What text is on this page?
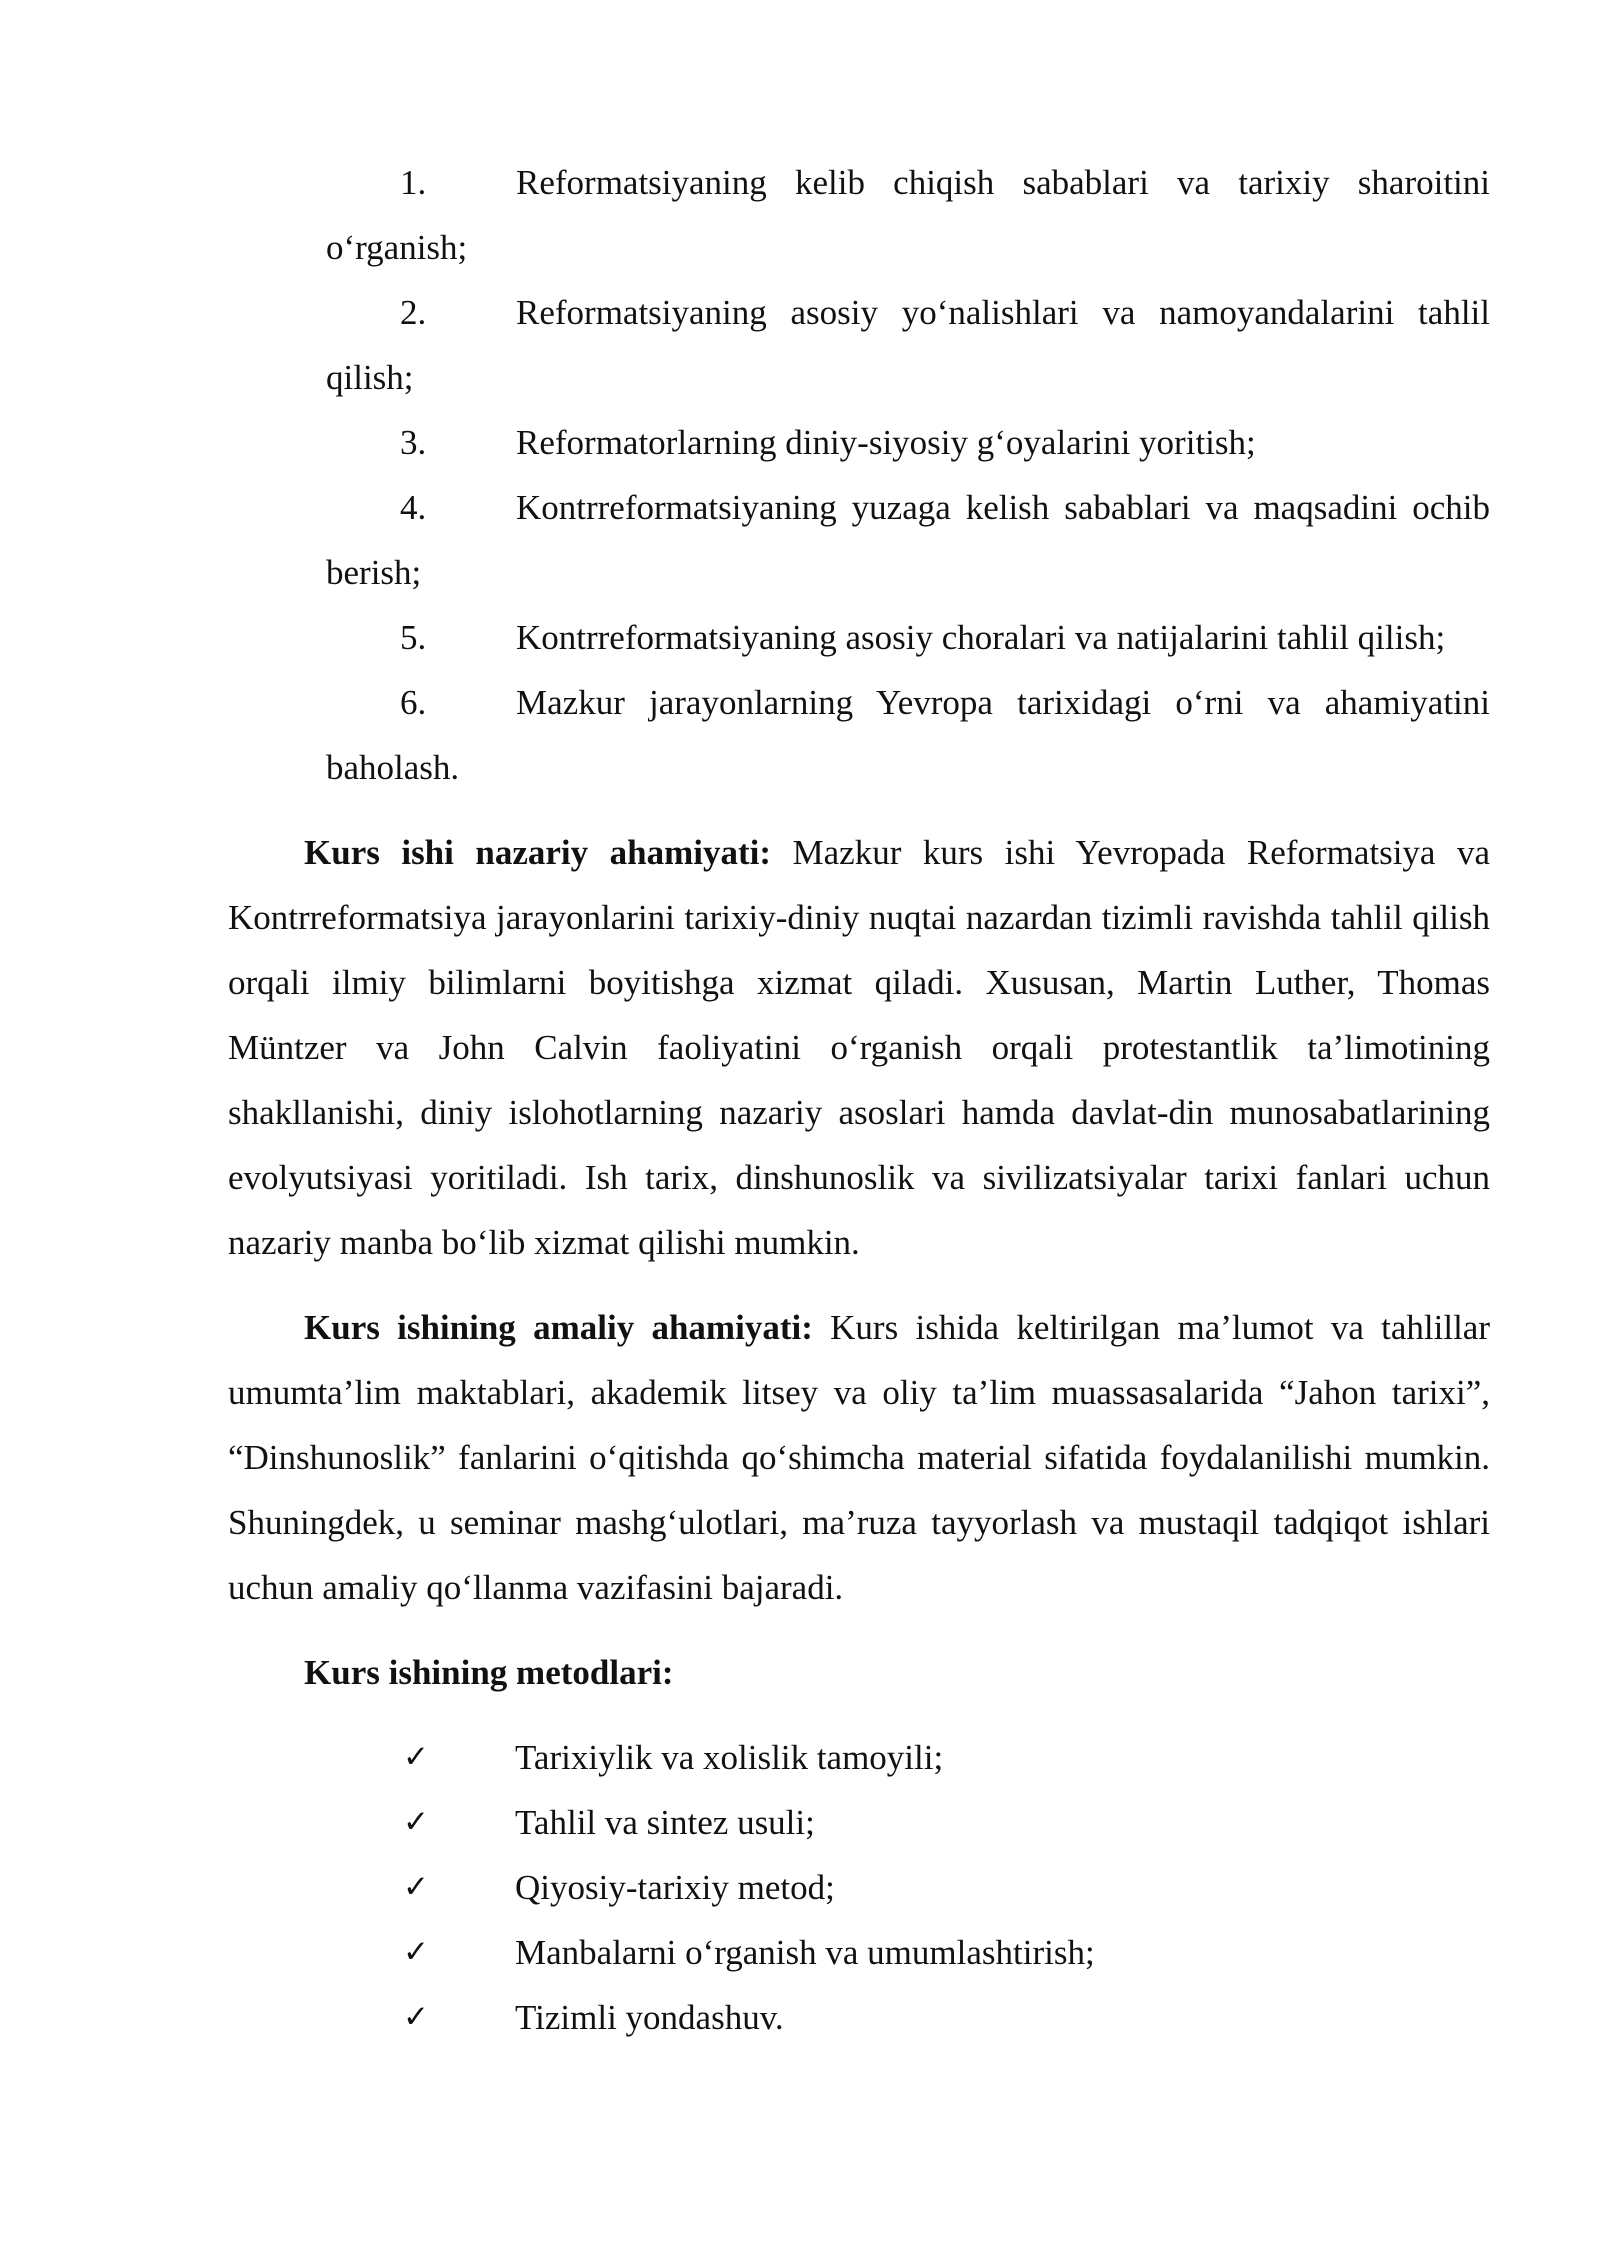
1.	Reformatsiyaning kelib chiqish sabablari va tarixiy sharoitini o‘rganish;
2.	Reformatsiyaning asosiy yo‘nalishlari va namoyandalarini tahlil qilish;
3.	Reformatorlarning diniy-siyosiy g‘oyalarini yoritish;
4.	Kontrreformatsiyaning yuzaga kelish sabablari va maqsadini ochib berish;
5.	Kontrreformatsiyaning asosiy choralari va natijalarini tahlil qilish;
6.	Mazkur jarayonlarning Yevropa tarixidagi o‘rni va ahamiyatini baholash.

Kurs ishi nazariy ahamiyati: Mazkur kurs ishi Yevropada Reformatsiya va Kontrreformatsiya jarayonlarini tarixiy-diniy nuqtai nazardan tizimli ravishda tahlil qilish orqali ilmiy bilimlarni boyitishga xizmat qiladi. Xususan, Martin Luther, Thomas Müntzer va John Calvin faoliyatini o‘rganish orqali protestantlik ta’limotining shakllanishi, diniy islohotlarning nazariy asoslari hamda davlat-din munosabatlarining evolyutsiyasi yoritiladi. Ish tarix, dinshunoslik va sivilizatsiyalar tarixi fanlari uchun nazariy manba bo‘lib xizmat qilishi mumkin.

Kurs ishining amaliy ahamiyati: Kurs ishida keltirilgan ma’lumot va tahlillar umumta’lim maktablari, akademik litsey va oliy ta’lim muassasalarida “Jahon tarixi”, “Dinshunoslik” fanlarini o‘qitishda qo‘shimcha material sifatida foydalanilishi mumkin. Shuningdek, u seminar mashg‘ulotlari, ma’ruza tayyorlash va mustaqil tadqiqot ishlari uchun amaliy qo‘llanma vazifasini bajaradi.

Kurs ishining metodlari:

✓ Tarixiylik va xolislik tamoyili;
✓ Tahlil va sintez usuli;
✓ Qiyosiy-tarixiy metod;
✓ Manbalarni o‘rganish va umumlashtirish;
✓ Tizimli yondashuv.
